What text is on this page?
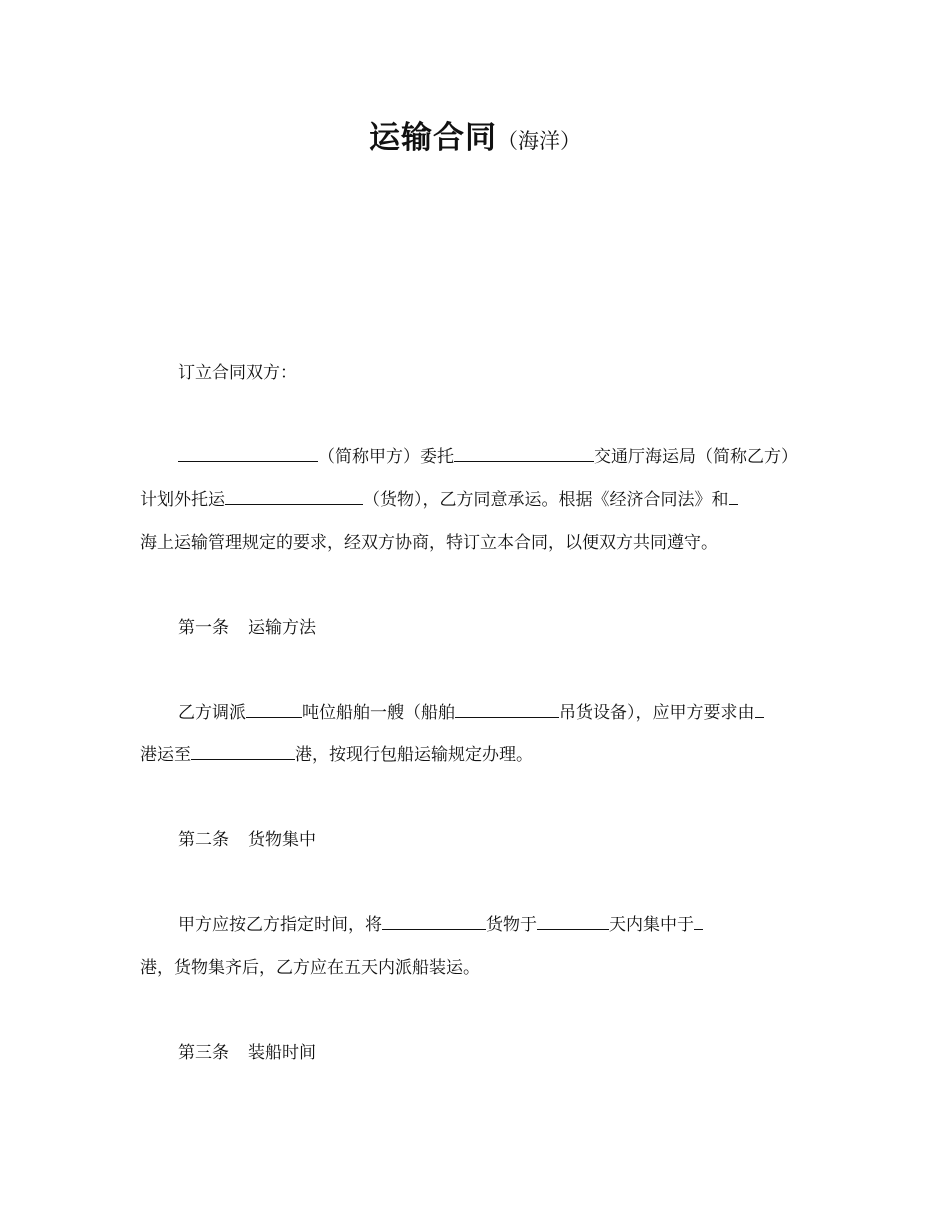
运输合同（海洋）
订立合同双方：
（简称甲方）委托	交通厅海运局（简称乙方）
计划外托运	（货物），乙方同意承运。根据《经济合同法》和
海上运输管理规定的要求，经双方协商，特订立本合同，以便双方共同遵守。
第一条 运输方法
乙方调派	吨位船舶一艘（船舶	吊货设备），应甲方要求由
港运至	港，按现行包船运输规定办理。
第二条 货物集中
甲方应按乙方指定时间，将	货物于	天内集中于
港，货物集齐后，乙方应在五天内派船装运。
第三条 装船时间
